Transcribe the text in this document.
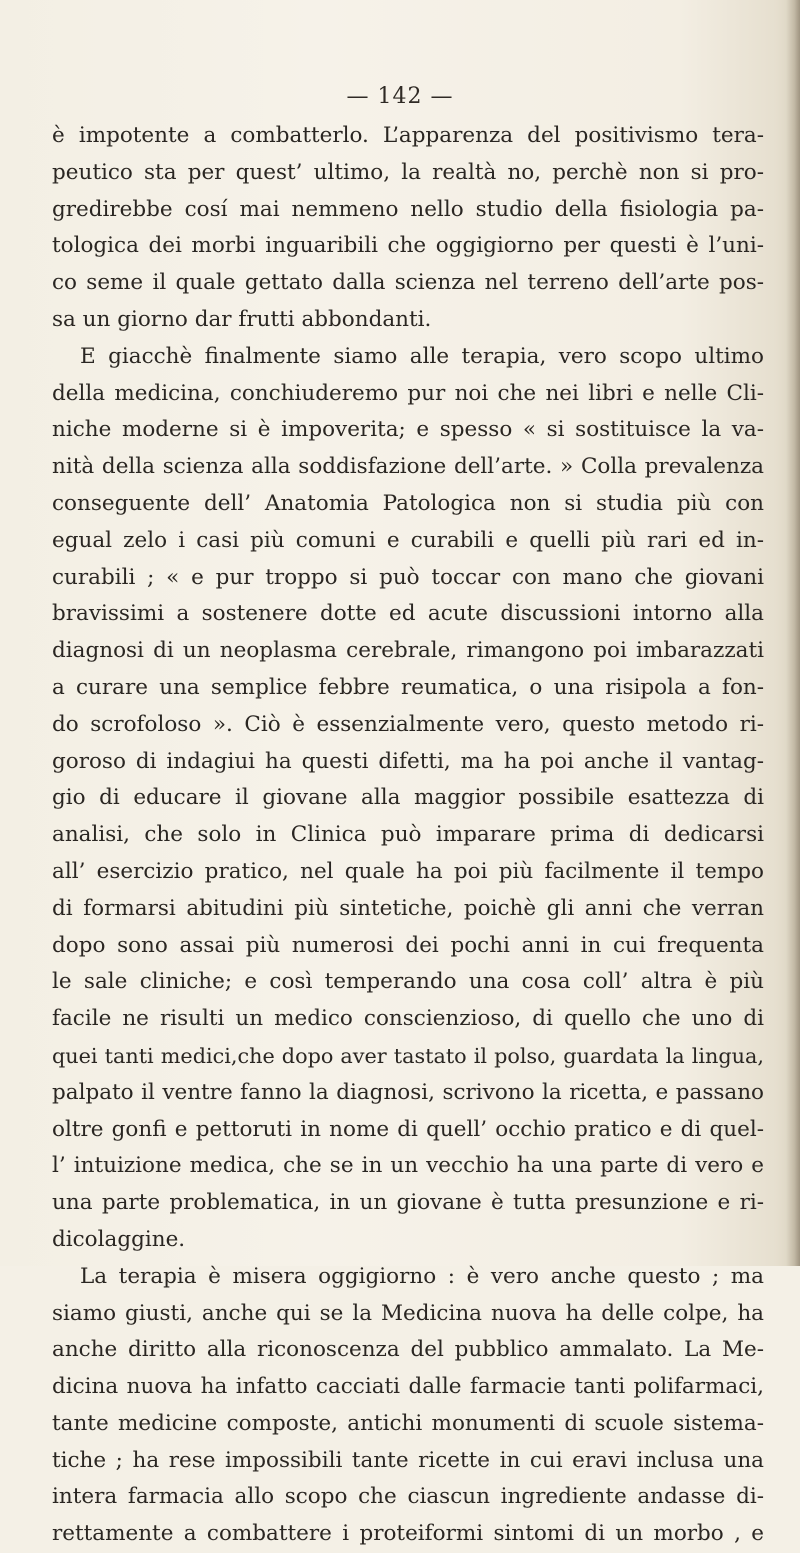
— 142 —
è impotente a combatterlo. L’apparenza del positivismo tera-
peutico sta per quest’ ultimo, la realtà no, perchè non si pro-
gredirebbe cosí mai nemmeno nello studio della fisiologia pa-
tologica dei morbi inguaribili che oggigiorno per questi è l’uni-
co seme il quale gettato dalla scienza nel terreno dell’arte pos-
sa un giorno dar frutti abbondanti.
E giacchè finalmente siamo alle terapia, vero scopo ultimo
della medicina, conchiuderemo pur noi che nei libri e nelle Cli-
niche moderne si è impoverita; e spesso « si sostituisce la va-
nità della scienza alla soddisfazione dell’arte. » Colla prevalenza
conseguente dell’ Anatomia Patologica non si studia più con
egual zelo i casi più comuni e curabili e quelli più rari ed in-
curabili ; « e pur troppo si può toccar con mano che giovani
bravissimi a sostenere dotte ed acute discussioni intorno alla
diagnosi di un neoplasma cerebrale, rimangono poi imbarazzati
a curare una semplice febbre reumatica, o una risipola a fon-
do scrofoloso ». Ciò è essenzialmente vero, questo metodo ri-
goroso di indagiui ha questi difetti, ma ha poi anche il vantag-
gio di educare il giovane alla maggior possibile esattezza di
analisi, che solo in Clinica può imparare prima di dedicarsi
all’ esercizio pratico, nel quale ha poi più facilmente il tempo
di formarsi abitudini più sintetiche, poichè gli anni che verran
dopo sono assai più numerosi dei pochi anni in cui frequenta
le sale cliniche; e così temperando una cosa coll’ altra è più
facile ne risulti un medico conscienzioso, di quello che uno di
quei tanti medici,che dopo aver tastato il polso, guardata la lingua,
palpato il ventre fanno la diagnosi, scrivono la ricetta, e passano
oltre gonfi e pettoruti in nome di quell’ occhio pratico e di quel-
l’ intuizione medica, che se in un vecchio ha una parte di vero e
una parte problematica, in un giovane è tutta presunzione e ri-
dicolaggine.
La terapia è misera oggigiorno : è vero anche questo ; ma
siamo giusti, anche qui se la Medicina nuova ha delle colpe, ha
anche diritto alla riconoscenza del pubblico ammalato. La Me-
dicina nuova ha infatto cacciati dalle farmacie tanti polifarmaci,
tante medicine composte, antichi monumenti di scuole sistema-
tiche ; ha rese impossibili tante ricette in cui eravi inclusa una
intera farmacia allo scopo che ciascun ingrediente andasse di-
rettamente a combattere i proteiformi sintomi di un morbo , e
